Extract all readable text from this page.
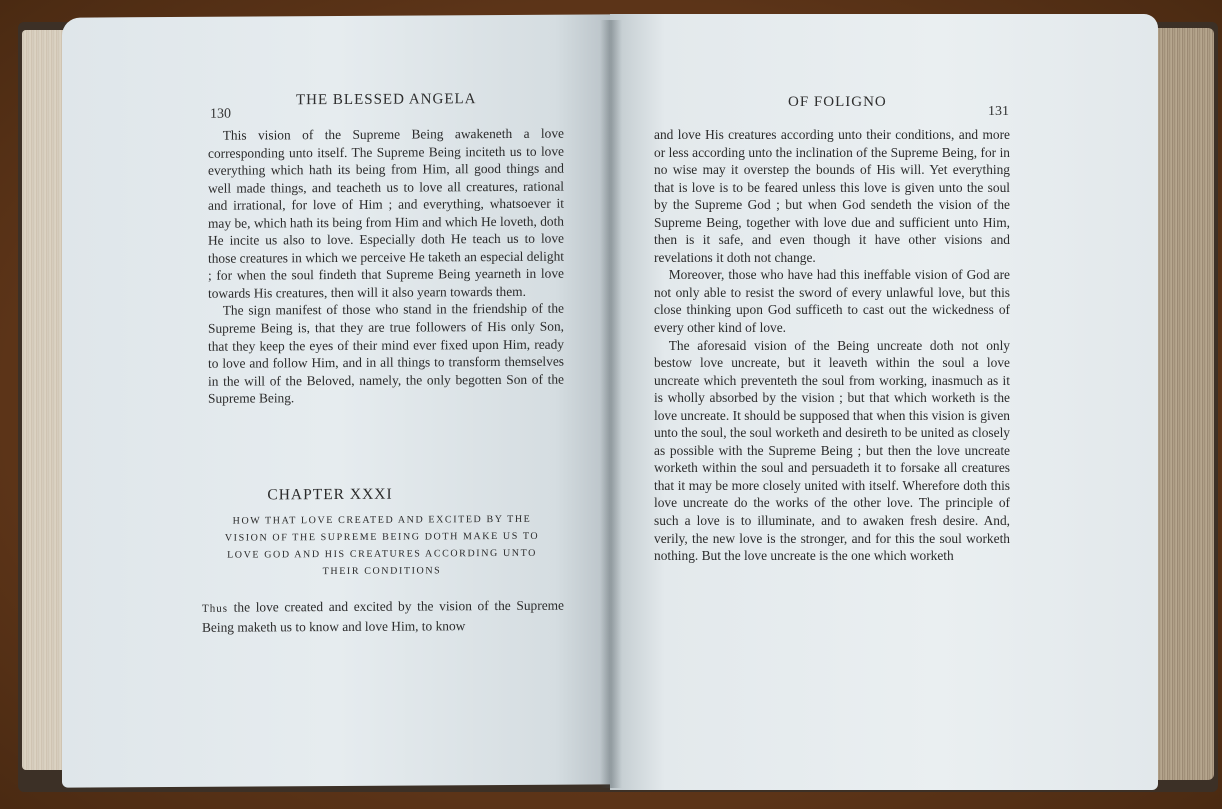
130
THE BLESSED ANGELA

This vision of the Supreme Being awakeneth a love corresponding unto itself. The Supreme Being inciteth us to love everything which hath its being from Him, all good things and well made things, and teacheth us to love all creatures, rational and irrational, for love of Him ; and everything, whatsoever it may be, which hath its being from Him and which He loveth, doth He incite us also to love. Especially doth He teach us to love those creatures in which we perceive He taketh an especial delight ; for when the soul findeth that Supreme Being yearneth in love towards His creatures, then will it also yearn towards them.

The sign manifest of those who stand in the friendship of the Supreme Being is, that they are true followers of His only Son, that they keep the eyes of their mind ever fixed upon Him, ready to love and follow Him, and in all things to transform themselves in the will of the Beloved, namely, the only begotten Son of the Supreme Being.

CHAPTER XXXI
HOW THAT LOVE CREATED AND EXCITED BY THE VISION OF THE SUPREME BEING DOTH MAKE US TO LOVE GOD AND HIS CREATURES ACCORDING UNTO THEIR CONDITIONS

Thus the love created and excited by the vision of the Supreme Being maketh us to know and love Him, to know

OF FOLIGNO
131

and love His creatures according unto their conditions, and more or less according unto the inclination of the Supreme Being, for in no wise may it overstep the bounds of His will. Yet everything that is love is to be feared unless this love is given unto the soul by the Supreme God ; but when God sendeth the vision of the Supreme Being, together with love due and sufficient unto Him, then is it safe, and even though it have other visions and revelations it doth not change.

Moreover, those who have had this ineffable vision of God are not only able to resist the sword of every unlawful love, but this close thinking upon God sufficeth to cast out the wickedness of every other kind of love.

The aforesaid vision of the Being uncreate doth not only bestow love uncreate, but it leaveth within the soul a love uncreate which preventeth the soul from working, inasmuch as it is wholly absorbed by the vision ; but that which worketh is the love uncreate. It should be supposed that when this vision is given unto the soul, the soul worketh and desireth to be united as closely as possible with the Supreme Being ; but then the love uncreate worketh within the soul and persuadeth it to forsake all creatures that it may be more closely united with itself. Wherefore doth this love uncreate do the works of the other love. The principle of such a love is to illuminate, and to awaken fresh desire. And, verily, the new love is the stronger, and for this the soul worketh nothing. But the love uncreate is the one which worketh
